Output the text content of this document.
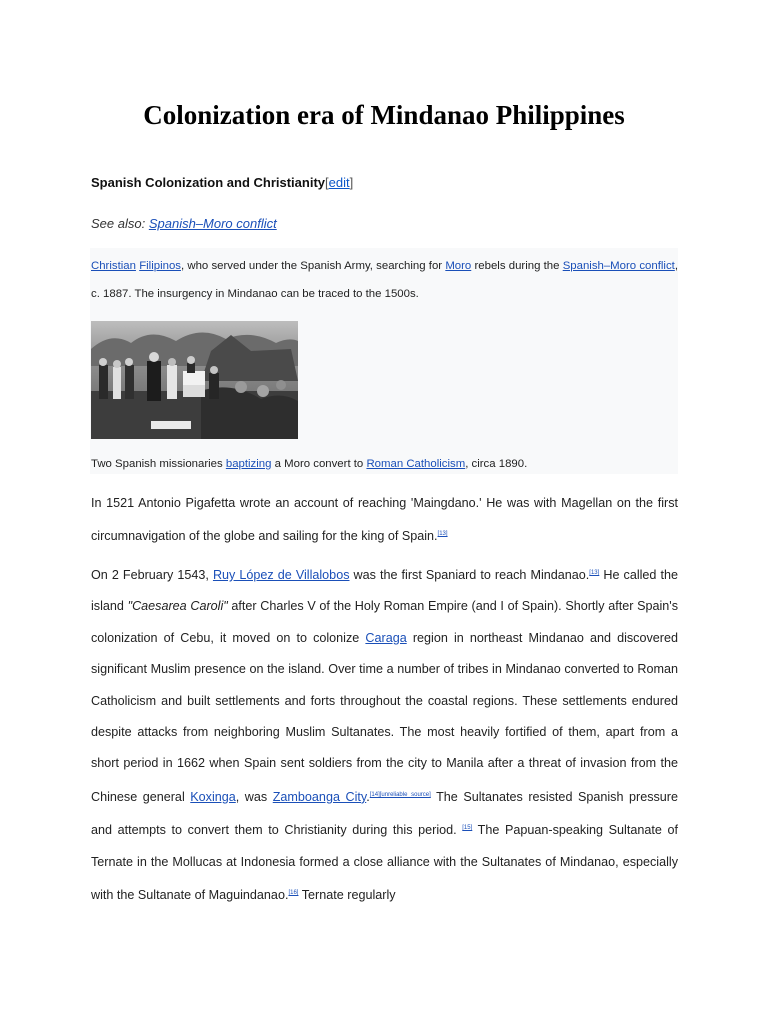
Colonization era of Mindanao Philippines
Spanish Colonization and Christianity[edit]
See also: Spanish–Moro conflict
Christian Filipinos, who served under the Spanish Army, searching for Moro rebels during the Spanish–Moro conflict, c. 1887. The insurgency in Mindanao can be traced to the 1500s.
Two Spanish missionaries baptizing a Moro convert to Roman Catholicism, circa 1890.

In 1521 Antonio Pigafetta wrote an account of reaching 'Maingdano.' He was with Magellan on the first circumnavigation of the globe and sailing for the king of Spain.[13]

On 2 February 1543, Ruy López de Villalobos was the first Spaniard to reach Mindanao.[13] He called the island "Caesarea Caroli" after Charles V of the Holy Roman Empire (and I of Spain). Shortly after Spain's colonization of Cebu, it moved on to colonize Caraga region in northeast Mindanao and discovered significant Muslim presence on the island. Over time a number of tribes in Mindanao converted to Roman Catholicism and built settlements and forts throughout the coastal regions. These settlements endured despite attacks from neighboring Muslim Sultanates. The most heavily fortified of them, apart from a short period in 1662 when Spain sent soldiers from the city to Manila after a threat of invasion from the Chinese general Koxinga, was Zamboanga City.[14][unreliable source] The Sultanates resisted Spanish pressure and attempts to convert them to Christianity during this period. [15] The Papuan-speaking Sultanate of Ternate in the Mollucas at Indonesia formed a close alliance with the Sultanates of Mindanao, especially with the Sultanate of Maguindanao.[16] Ternate regularly
